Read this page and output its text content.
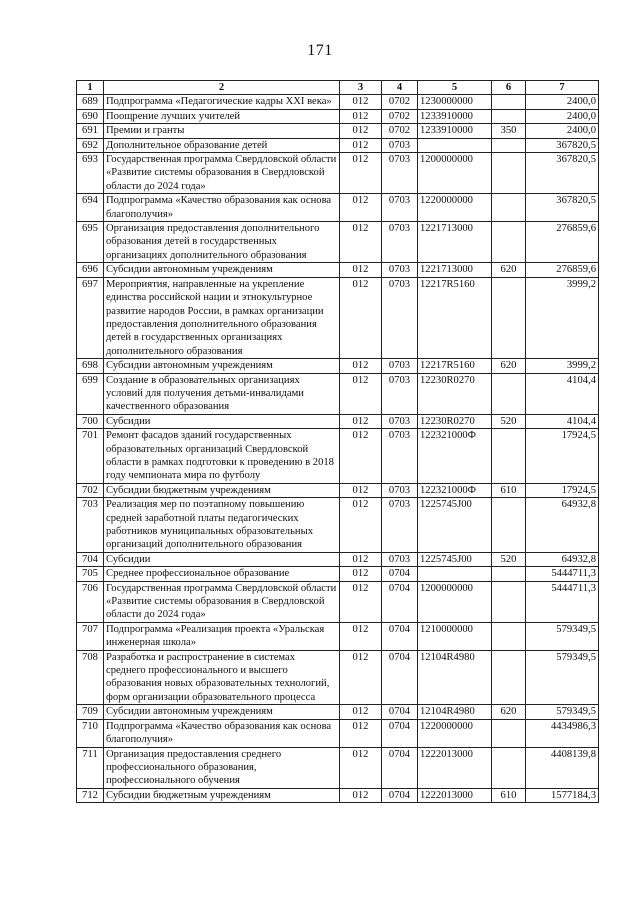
171
1	2	3	4	5	6	7
689	Подпрограмма «Педагогические кадры XXI века»	012	0702	1230000000		2400,0
690	Поощрение лучших учителей	012	0702	1233910000		2400,0
691	Премии и гранты	012	0702	1233910000	350	2400,0
692	Дополнительное образование детей	012	0703			367820,5
693	Государственная программа Свердловской области «Развитие системы образования в Свердловской области до 2024 года»	012	0703	1200000000		367820,5
694	Подпрограмма «Качество образования как основа благополучия»	012	0703	1220000000		367820,5
695	Организация предоставления дополнительного образования детей в государственных организациях дополнительного образования	012	0703	1221713000		276859,6
696	Субсидии автономным учреждениям	012	0703	1221713000	620	276859,6
697	Мероприятия, направленные на укрепление единства российской нации и этнокультурное развитие народов России, в рамках организации предоставления дополнительного образования детей в государственных организациях дополнительного образования	012	0703	12217R5160		3999,2
698	Субсидии автономным учреждениям	012	0703	12217R5160	620	3999,2
699	Создание в образовательных организациях условий для получения детьми-инвалидами качественного образования	012	0703	12230R0270		4104,4
700	Субсидии	012	0703	12230R0270	520	4104,4
701	Ремонт фасадов зданий государственных образовательных организаций Свердловской области в рамках подготовки к проведению в 2018 году чемпионата мира по футболу	012	0703	122321000Ф		17924,5
702	Субсидии бюджетным учреждениям	012	0703	122321000Ф	610	17924,5
703	Реализация мер по поэтапному повышению средней заработной платы педагогических работников муниципальных образовательных организаций дополнительного образования	012	0703	1225745J00		64932,8
704	Субсидии	012	0703	1225745J00	520	64932,8
705	Среднее профессиональное образование	012	0704			5444711,3
706	Государственная программа Свердловской области «Развитие системы образования в Свердловской области до 2024 года»	012	0704	1200000000		5444711,3
707	Подпрограмма «Реализация проекта «Уральская инженерная школа»	012	0704	1210000000		579349,5
708	Разработка и распространение в системах среднего профессионального и высшего образования новых образовательных технологий, форм организации образовательного процесса	012	0704	12104R4980		579349,5
709	Субсидии автономным учреждениям	012	0704	12104R4980	620	579349,5
710	Подпрограмма «Качество образования как основа благополучия»	012	0704	1220000000		4434986,3
711	Организация предоставления среднего профессионального образования, профессионального обучения	012	0704	1222013000		4408139,8
712	Субсидии бюджетным учреждениям	012	0704	1222013000	610	1577184,3
